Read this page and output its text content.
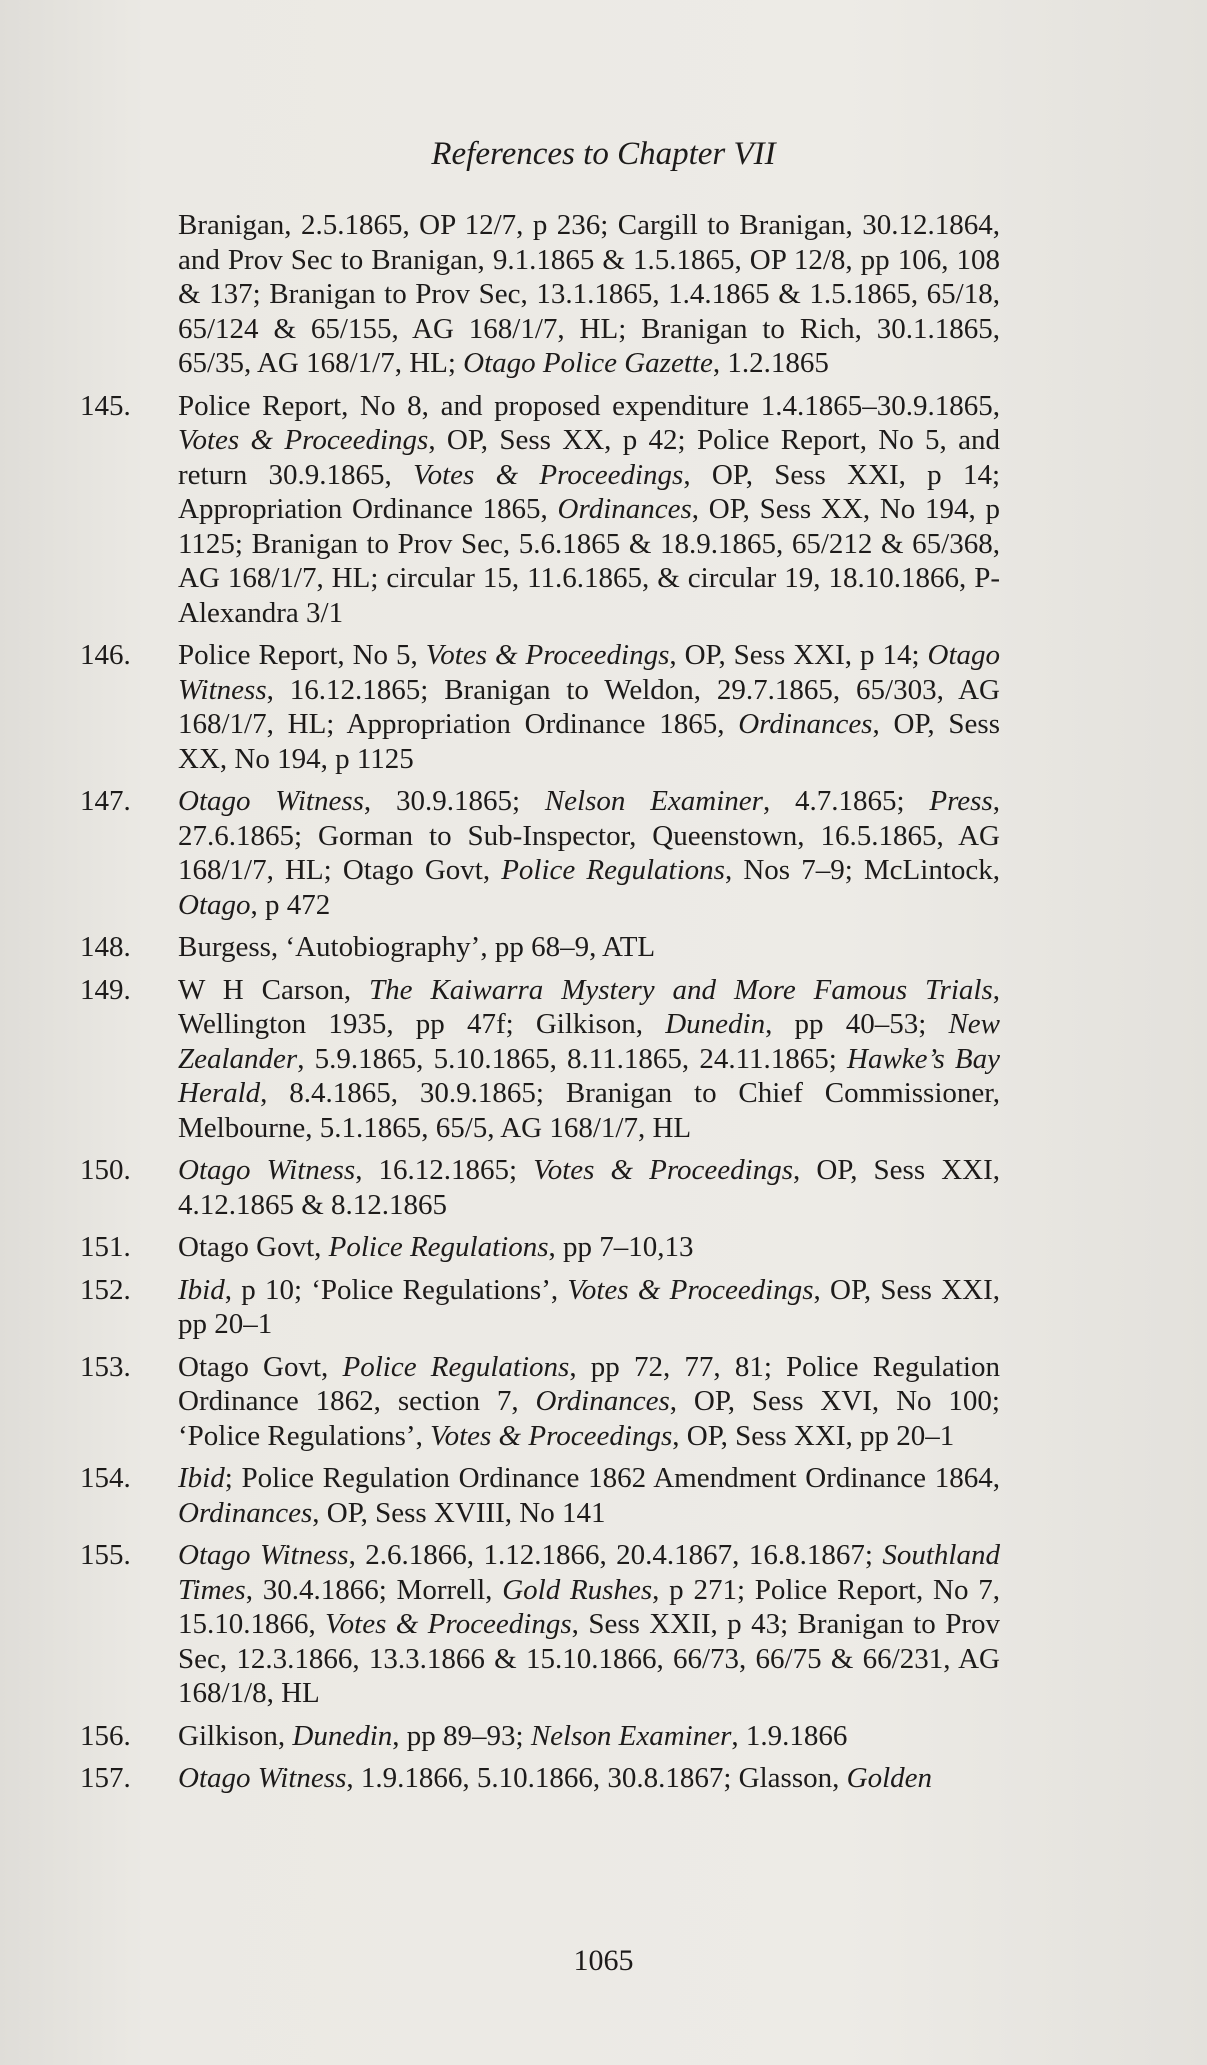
References to Chapter VII
Branigan, 2.5.1865, OP 12/7, p 236; Cargill to Branigan, 30.12.1864, and Prov Sec to Branigan, 9.1.1865 & 1.5.1865, OP 12/8, pp 106, 108 & 137; Branigan to Prov Sec, 13.1.1865, 1.4.1865 & 1.5.1865, 65/18, 65/124 & 65/155, AG 168/1/7, HL; Branigan to Rich, 30.1.1865, 65/35, AG 168/1/7, HL; Otago Police Gazette, 1.2.1865
145.	Police Report, No 8, and proposed expenditure 1.4.1865–30.9.1865, Votes & Proceedings, OP, Sess XX, p 42; Police Report, No 5, and return 30.9.1865, Votes & Proceedings, OP, Sess XXI, p 14; Appropriation Ordinance 1865, Ordinances, OP, Sess XX, No 194, p 1125; Branigan to Prov Sec, 5.6.1865 & 18.9.1865, 65/212 & 65/368, AG 168/1/7, HL; circular 15, 11.6.1865, & circular 19, 18.10.1866, P-Alexandra 3/1
146.	Police Report, No 5, Votes & Proceedings, OP, Sess XXI, p 14; Otago Witness, 16.12.1865; Branigan to Weldon, 29.7.1865, 65/303, AG 168/1/7, HL; Appropriation Ordinance 1865, Ordinances, OP, Sess XX, No 194, p 1125
147.	Otago Witness, 30.9.1865; Nelson Examiner, 4.7.1865; Press, 27.6.1865; Gorman to Sub-Inspector, Queenstown, 16.5.1865, AG 168/1/7, HL; Otago Govt, Police Regulations, Nos 7–9; McLintock, Otago, p 472
148.	Burgess, ‘Autobiography’, pp 68–9, ATL
149.	W H Carson, The Kaiwarra Mystery and More Famous Trials, Wellington 1935, pp 47f; Gilkison, Dunedin, pp 40–53; New Zealander, 5.9.1865, 5.10.1865, 8.11.1865, 24.11.1865; Hawke’s Bay Herald, 8.4.1865, 30.9.1865; Branigan to Chief Commissioner, Melbourne, 5.1.1865, 65/5, AG 168/1/7, HL
150.	Otago Witness, 16.12.1865; Votes & Proceedings, OP, Sess XXI, 4.12.1865 & 8.12.1865
151.	Otago Govt, Police Regulations, pp 7–10,13
152.	Ibid, p 10; ‘Police Regulations’, Votes & Proceedings, OP, Sess XXI, pp 20–1
153.	Otago Govt, Police Regulations, pp 72, 77, 81; Police Regulation Ordinance 1862, section 7, Ordinances, OP, Sess XVI, No 100; ‘Police Regulations’, Votes & Proceedings, OP, Sess XXI, pp 20–1
154.	Ibid; Police Regulation Ordinance 1862 Amendment Ordinance 1864, Ordinances, OP, Sess XVIII, No 141
155.	Otago Witness, 2.6.1866, 1.12.1866, 20.4.1867, 16.8.1867; Southland Times, 30.4.1866; Morrell, Gold Rushes, p 271; Police Report, No 7, 15.10.1866, Votes & Proceedings, Sess XXII, p 43; Branigan to Prov Sec, 12.3.1866, 13.3.1866 & 15.10.1866, 66/73, 66/75 & 66/231, AG 168/1/8, HL
156.	Gilkison, Dunedin, pp 89–93; Nelson Examiner, 1.9.1866
157.	Otago Witness, 1.9.1866, 5.10.1866, 30.8.1867; Glasson, Golden
1065
